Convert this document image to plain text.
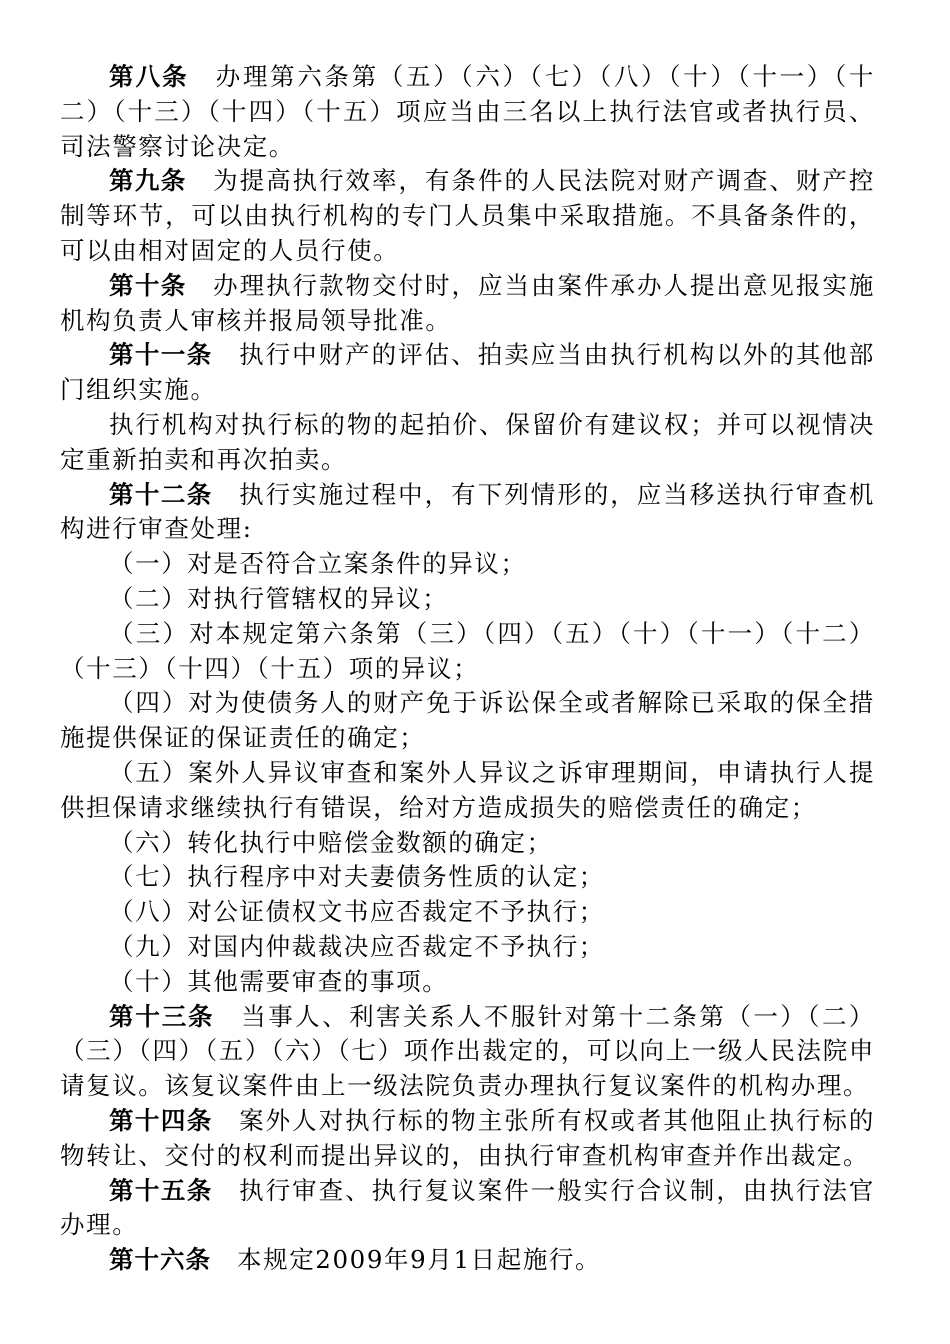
第八条 办理第六条第（五）（六）（七）（八）（十）（十一）（十二）（十三）（十四）（十五）项应当由三名以上执行法官或者执行员、司法警察讨论决定。

第九条 为提高执行效率，有条件的人民法院对财产调查、财产控制等环节，可以由执行机构的专门人员集中采取措施。不具备条件的，可以由相对固定的人员行使。

第十条 办理执行款物交付时，应当由案件承办人提出意见报实施机构负责人审核并报局领导批准。

第十一条 执行中财产的评估、拍卖应当由执行机构以外的其他部门组织实施。

执行机构对执行标的物的起拍价、保留价有建议权；并可以视情决定重新拍卖和再次拍卖。

第十二条 执行实施过程中，有下列情形的，应当移送执行审查机构进行审查处理:

（一）对是否符合立案条件的异议；

（二）对执行管辖权的异议；

（三）对本规定第六条第（三）（四）（五）（十）（十一）（十二）（十三）（十四）（十五）项的异议；

（四）对为使债务人的财产免于诉讼保全或者解除已采取的保全措施提供保证的保证责任的确定；

（五）案外人异议审查和案外人异议之诉审理期间，申请执行人提供担保请求继续执行有错误，给对方造成损失的赔偿责任的确定；

（六）转化执行中赔偿金数额的确定；

（七）执行程序中对夫妻债务性质的认定；

（八）对公证债权文书应否裁定不予执行；

（九）对国内仲裁裁决应否裁定不予执行；

（十）其他需要审查的事项。

第十三条 当事人、利害关系人不服针对第十二条第（一）（二）（三）（四）（五）（六）（七）项作出裁定的，可以向上一级人民法院申请复议。该复议案件由上一级法院负责办理执行复议案件的机构办理。

第十四条 案外人对执行标的物主张所有权或者其他阻止执行标的物转让、交付的权利而提出异议的，由执行审查机构审查并作出裁定。

第十五条 执行审查、执行复议案件一般实行合议制，由执行法官办理。

第十六条 本规定2009年9月1日起施行。
